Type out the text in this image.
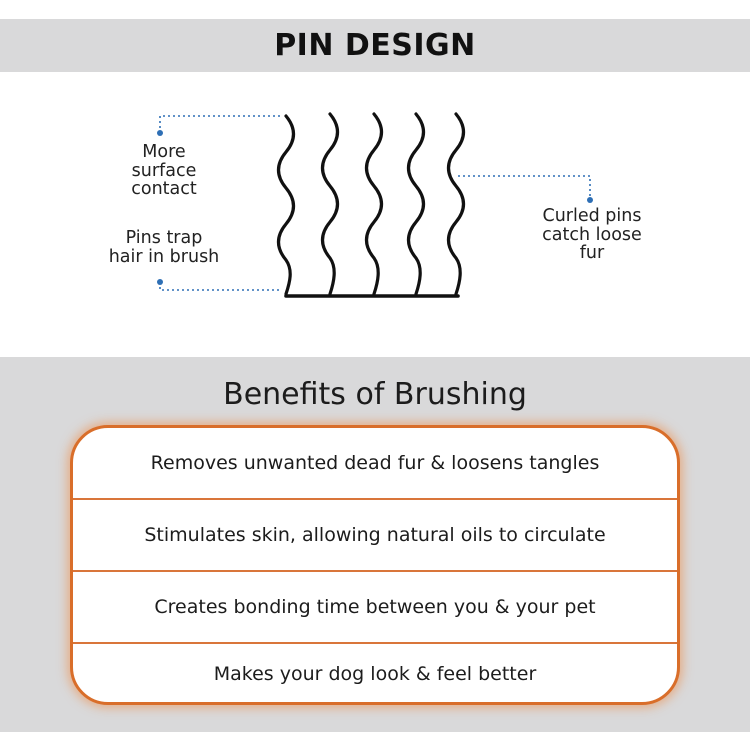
PIN DESIGN
More
surface
contact
Pins trap
hair in brush
Curled pins
catch loose
fur
Benefits of Brushing
Removes unwanted dead fur & loosens tangles
Stimulates skin, allowing natural oils to circulate
Creates bonding time between you & your pet
Makes your dog look & feel better
